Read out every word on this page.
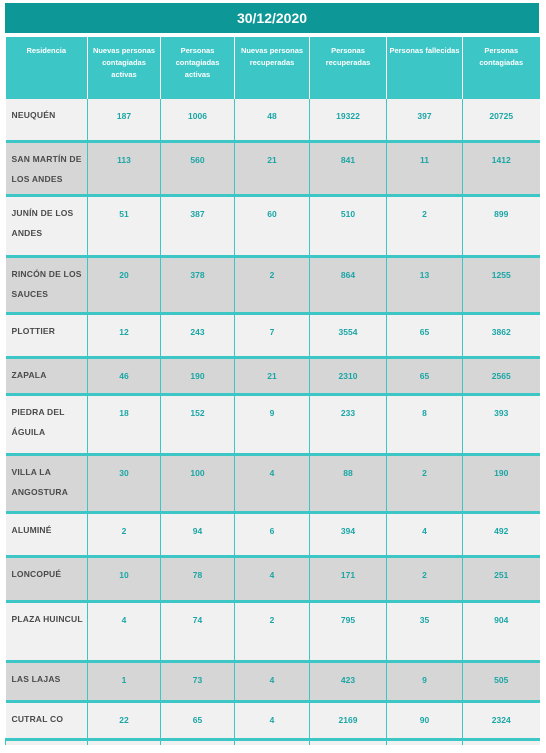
30/12/2020
Residencia	Nuevas personas contagiadas activas	Personas contagiadas activas	Nuevas personas recuperadas	Personas recuperadas	Personas fallecidas	Personas contagiadas
NEUQUÉN	187	1006	48	19322	397	20725
SAN MARTÍN DE LOS ANDES	113	560	21	841	11	1412
JUNÍN DE LOS ANDES	51	387	60	510	2	899
RINCÓN DE LOS SAUCES	20	378	2	864	13	1255
PLOTTIER	12	243	7	3554	65	3862
ZAPALA	46	190	21	2310	65	2565
PIEDRA DEL ÁGUILA	18	152	9	233	8	393
VILLA LA ANGOSTURA	30	100	4	88	2	190
ALUMINÉ	2	94	6	394	4	492
LONCOPUÉ	10	78	4	171	2	251
PLAZA HUINCUL	4	74	2	795	35	904
LAS LAJAS	1	73	4	423	9	505
CUTRAL CO	22	65	4	2169	90	2324
